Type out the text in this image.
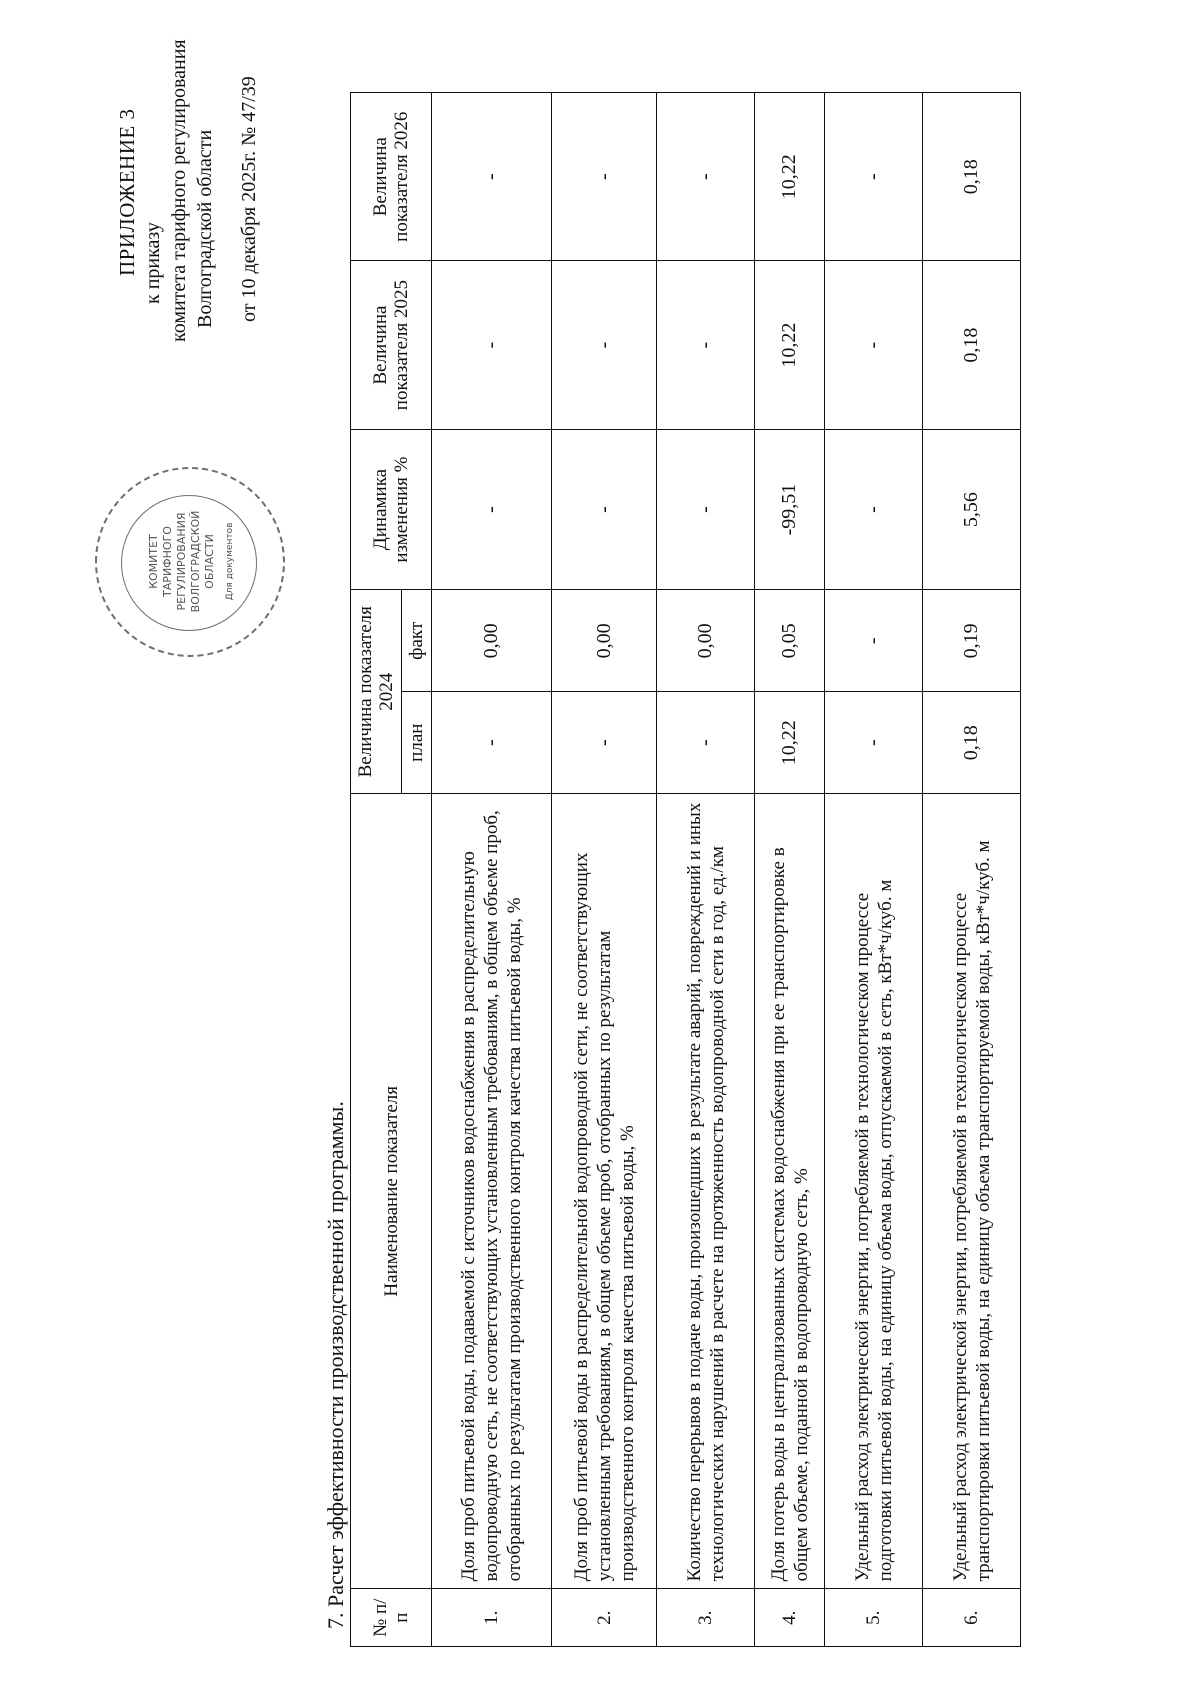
КОМИТЕТ ТАРИФНОГО РЕГУЛИРОВАНИЯ ВОЛГОГРАДСКОЙ ОБЛАСТИ Для документов
ПРИЛОЖЕНИЕ 3 к приказу комитета тарифного регулирования Волгоградской области от 10 декабря 2025г. № 47/39
7. Расчет эффективности производственной программы. № п/п	Наименование показателя	Величина показателя 2024		Динамика изменения %	Величина показателя 2025	Величина показателя 2026
		план	факт			
1.	Доля проб питьевой воды, подаваемой с источников водоснабжения в распределительную водопроводную сеть, не соответствующих установленным требованиям, в общем объеме проб, отобранных по результатам производственного контроля качества питьевой воды, %	-	0,00	-	-	-
2.	Доля проб питьевой воды в распределительной водопроводной сети, не соответствующих установленным требованиям, в общем объеме проб, отобранных по результатам производственного контроля качества питьевой воды, %	-	0,00	-	-	-
3.	Количество перерывов в подаче воды, произошедших в результате аварий, повреждений и иных технологических нарушений в расчете на протяженность водопроводной сети в год, ед./км	-	0,00	-	-	-
4.	Доля потерь воды в централизованных системах водоснабжения при ее транспортировке в общем объеме, поданной в водопроводную сеть, %	10,22	0,05	-99,51	10,22	10,22
5.	Удельный расход электрической энергии, потребляемой в технологическом процессе подготовки питьевой воды, на единицу объема воды, отпускаемой в сеть, кВт*ч/куб. м	-	-	-	-	-
6.	Удельный расход электрической энергии, потребляемой в технологическом процессе транспортировки питьевой воды, на единицу объема транспортируемой воды, кВт*ч/куб. м	0,18	0,19	5,56	0,18	0,18
